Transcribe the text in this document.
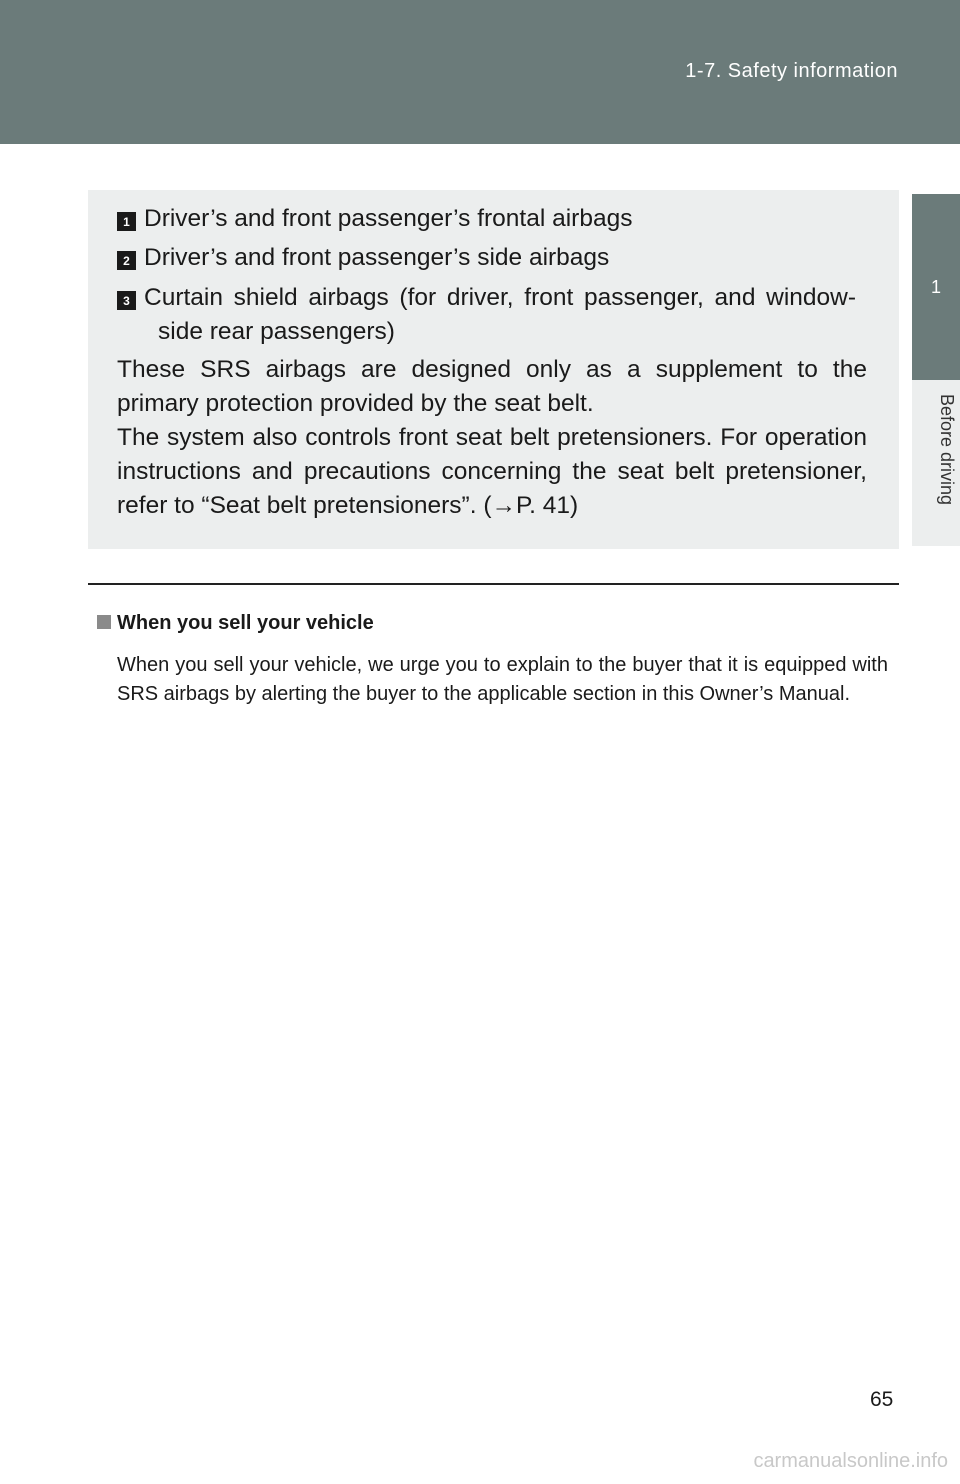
1-7. Safety information
1
Before driving
1 Driver’s and front passenger’s frontal airbags
2 Driver’s and front passenger’s side airbags
3 Curtain shield airbags (for driver, front passenger, and window-
side rear passengers)
These SRS airbags are designed only as a supplement to the primary protection provided by the seat belt.
The system also controls front seat belt pretensioners. For operation instructions and precautions concerning the seat belt pretensioner, refer to “Seat belt pretensioners”. (→P. 41)
When you sell your vehicle
When you sell your vehicle, we urge you to explain to the buyer that it is equipped with SRS airbags by alerting the buyer to the applicable section in this Owner’s Manual.
65
carmanualsonline.info
